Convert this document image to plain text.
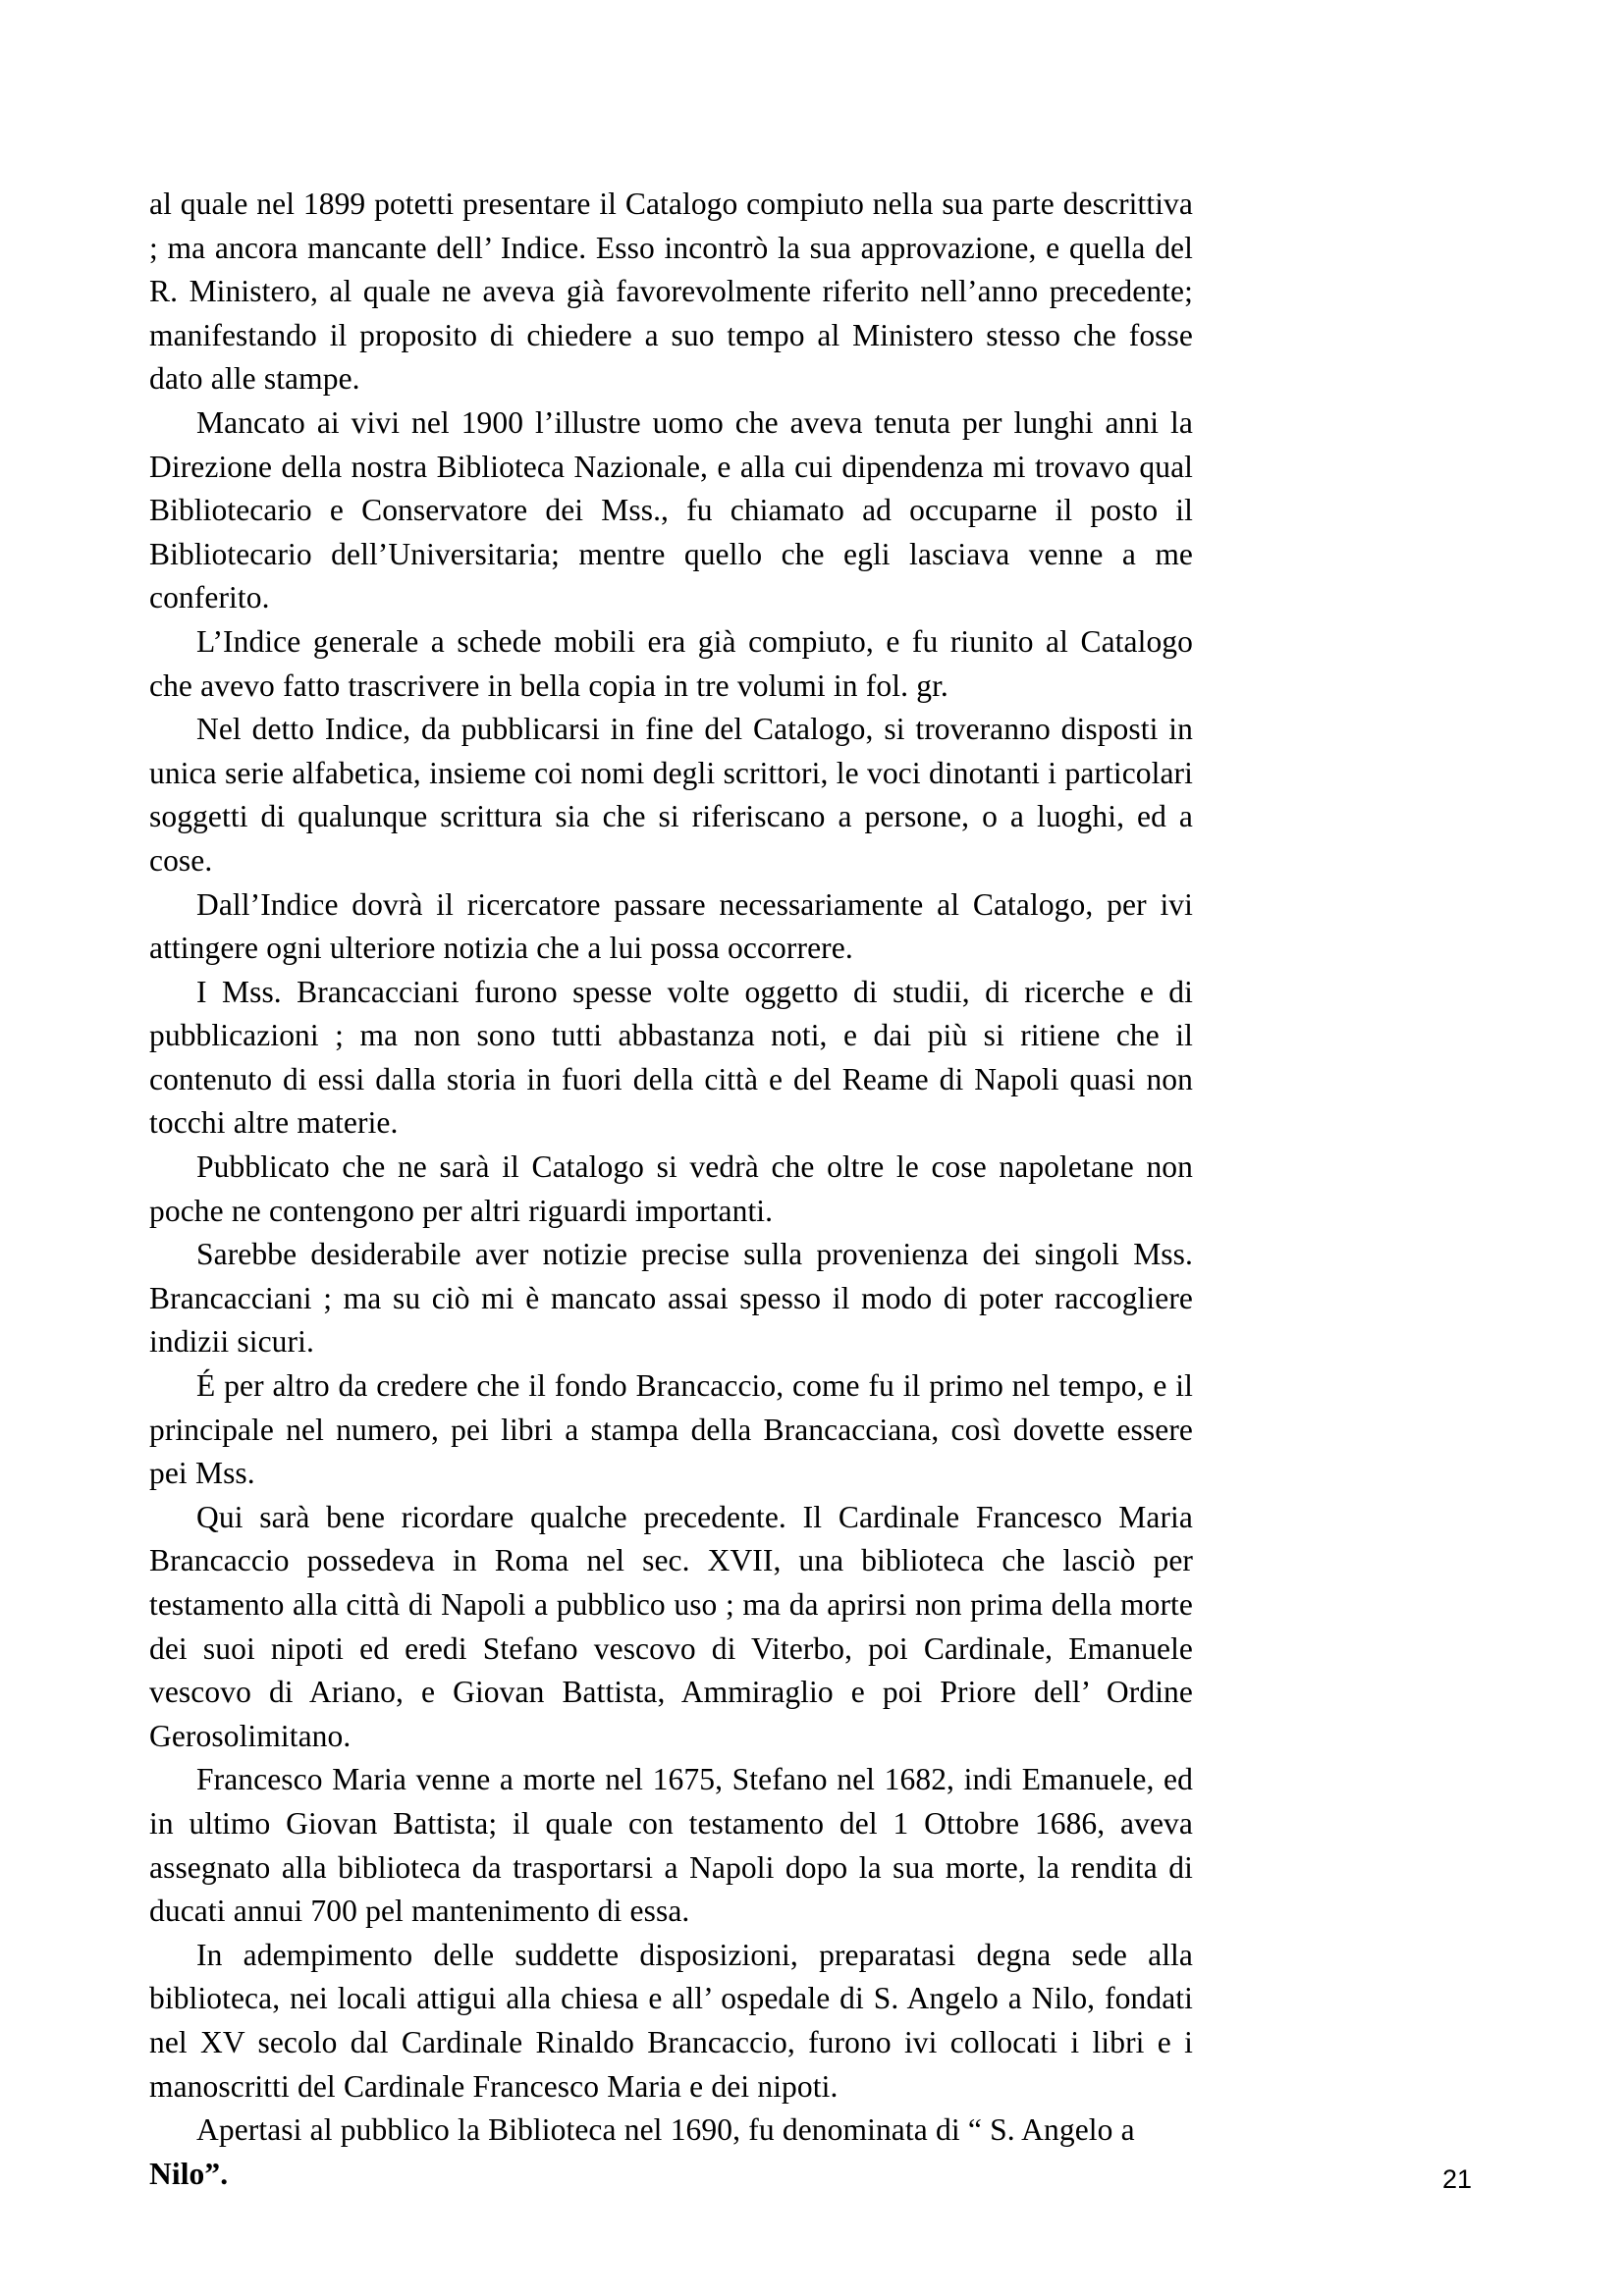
al quale nel 1899 potetti presentare il Catalogo compiuto nella sua parte descrittiva ; ma ancora mancante dell’ Indice. Esso incontrò la sua approvazione, e quella del R. Ministero, al quale ne aveva già favorevolmente riferito nell’anno precedente; manifestando il proposito di chiedere a suo tempo al Ministero stesso che fosse dato alle stampe.

Mancato ai vivi nel 1900 l’illustre uomo che aveva tenuta per lunghi anni la Direzione della nostra Biblioteca Nazionale, e alla cui dipendenza mi trovavo qual Bibliotecario e Conservatore dei Mss., fu chiamato ad occuparne il posto il Bibliotecario dell’Universitaria; mentre quello che egli lasciava venne a me conferito.

L’Indice generale a schede mobili era già compiuto, e fu riunito al Catalogo che avevo fatto trascrivere in bella copia in tre volumi in fol. gr.

Nel detto Indice, da pubblicarsi in fine del Catalogo, si troveranno disposti in unica serie alfabetica, insieme coi nomi degli scrittori, le voci dinotanti i particolari soggetti di qualunque scrittura sia che si riferiscano a persone, o a luoghi, ed a cose.

Dall’Indice dovrà il ricercatore passare necessariamente al Catalogo, per ivi attingere ogni ulteriore notizia che a lui possa occorrere.

I Mss. Brancacciani furono spesse volte oggetto di studii, di ricerche e di pubblicazioni ; ma non sono tutti abbastanza noti, e dai più si ritiene che il contenuto di essi dalla storia in fuori della città e del Reame di Napoli quasi non tocchi altre materie.

Pubblicato che ne sarà il Catalogo si vedrà che oltre le cose napoletane non poche ne contengono per altri riguardi importanti.

Sarebbe desiderabile aver notizie precise sulla provenienza dei singoli Mss. Brancacciani ; ma su ciò mi è mancato assai spesso il modo di poter raccogliere indizii sicuri.

É per altro da credere che il fondo Brancaccio, come fu il primo nel tempo, e il principale nel numero, pei libri a stampa della Brancacciana, così dovette essere pei Mss.

Qui sarà bene ricordare qualche precedente. Il Cardinale Francesco Maria Brancaccio possedeva in Roma nel sec. XVII, una biblioteca che lasciò per testamento alla città di Napoli a pubblico uso ; ma da aprirsi non prima della morte dei suoi nipoti ed eredi Stefano vescovo di Viterbo, poi Cardinale, Emanuele vescovo di Ariano, e Giovan Battista, Ammiraglio e poi Priore dell’ Ordine Gerosolimitano.

Francesco Maria venne a morte nel 1675, Stefano nel 1682, indi Emanuele, ed in ultimo Giovan Battista; il quale con testamento del 1 Ottobre 1686, aveva assegnato alla biblioteca da trasportarsi a Napoli dopo la sua morte, la rendita di ducati annui 700 pel mantenimento di essa.

In adempimento delle suddette disposizioni, preparatasi degna sede alla biblioteca, nei locali attigui alla chiesa e all’ ospedale di S. Angelo a Nilo, fondati nel XV secolo dal Cardinale Rinaldo Brancaccio, furono ivi collocati i libri e i manoscritti del Cardinale Francesco Maria e dei nipoti.

Apertasi al pubblico la Biblioteca nel 1690, fu denominata di “ S. Angelo a Nilo”.	21
